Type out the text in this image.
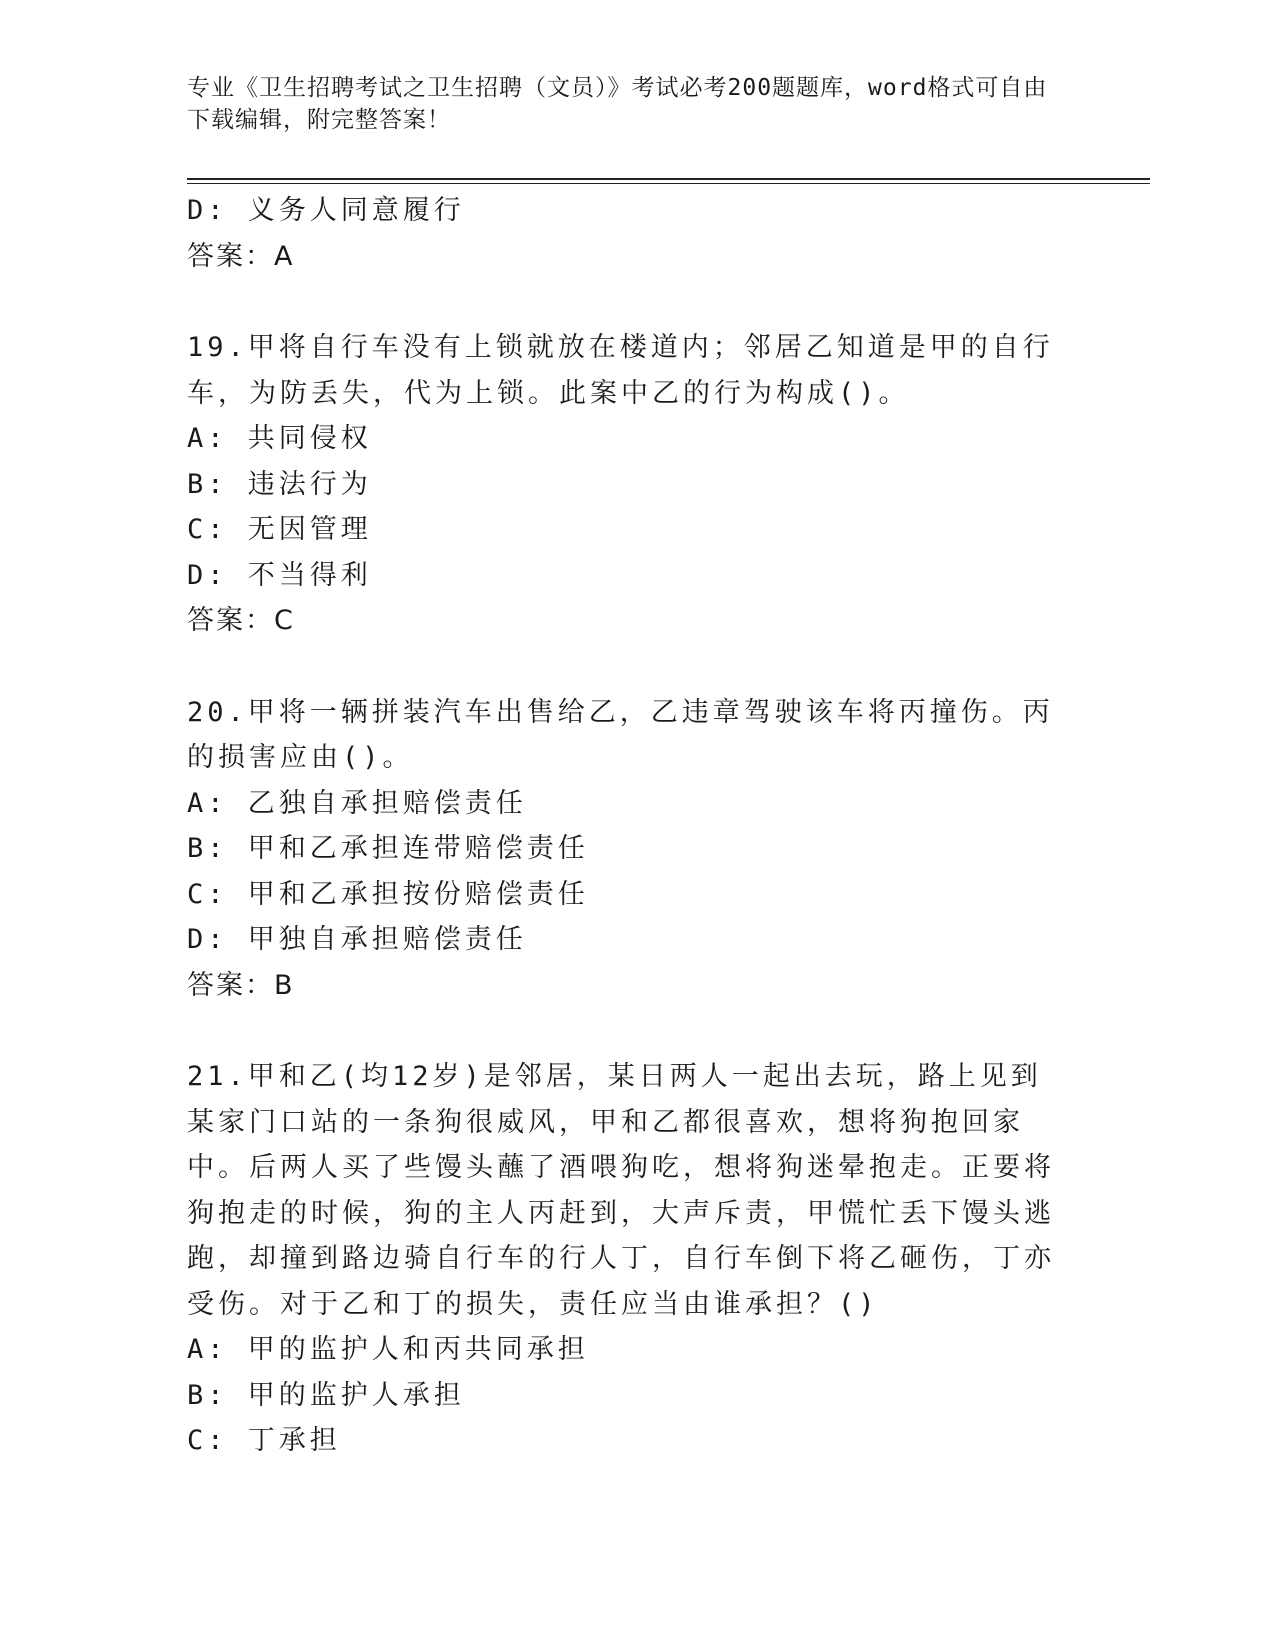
专业《卫生招聘考试之卫生招聘（文员）》考试必考200题题库，word格式可自由下载编辑，附完整答案！
D: 义务人同意履行
答案：A
19.甲将自行车没有上锁就放在楼道内；邻居乙知道是甲的自行车，为防丢失，代为上锁。此案中乙的行为构成()。
A: 共同侵权
B: 违法行为
C: 无因管理
D: 不当得利
答案：C
20.甲将一辆拼装汽车出售给乙，乙违章驾驶该车将丙撞伤。丙的损害应由()。
A: 乙独自承担赔偿责任
B: 甲和乙承担连带赔偿责任
C: 甲和乙承担按份赔偿责任
D: 甲独自承担赔偿责任
答案：B
21.甲和乙(均12岁)是邻居，某日两人一起出去玩，路上见到某家门口站的一条狗很威风，甲和乙都很喜欢，想将狗抱回家中。后两人买了些馒头蘸了酒喂狗吃，想将狗迷晕抱走。正要将狗抱走的时候，狗的主人丙赶到，大声斥责，甲慌忙丢下馒头逃跑，却撞到路边骑自行车的行人丁，自行车倒下将乙砸伤，丁亦受伤。对于乙和丁的损失，责任应当由谁承担？()
A: 甲的监护人和丙共同承担
B: 甲的监护人承担
C: 丁承担
